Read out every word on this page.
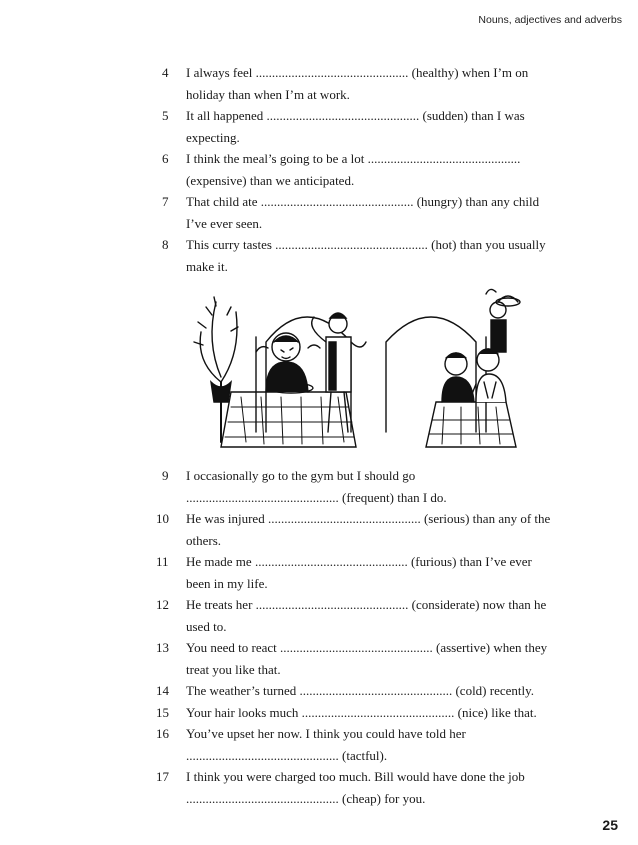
Nouns, adjectives and adverbs
4	I always feel ............................................... (healthy) when I’m on
holiday than when I’m at work.
5	It all happened ............................................... (sudden) than I was
expecting.
6	I think the meal’s going to be a lot ...............................................
(expensive) than we anticipated.
7	That child ate ............................................... (hungry) than any child
I’ve ever seen.
8	This curry tastes ............................................... (hot) than you usually
make it.
9	I occasionally go to the gym but I should go
............................................... (frequent) than I do.
10	He was injured ............................................... (serious) than any of the
others.
11	He made me ............................................... (furious) than I’ve ever
been in my life.
12	He treats her ............................................... (considerate) now than he
used to.
13	You need to react ............................................... (assertive) when they
treat you like that.
14	The weather’s turned ............................................... (cold) recently.
15	Your hair looks much ............................................... (nice) like that.
16	You’ve upset her now. I think you could have told her
............................................... (tactful).
17	I think you were charged too much. Bill would have done the job
............................................... (cheap) for you.
25
